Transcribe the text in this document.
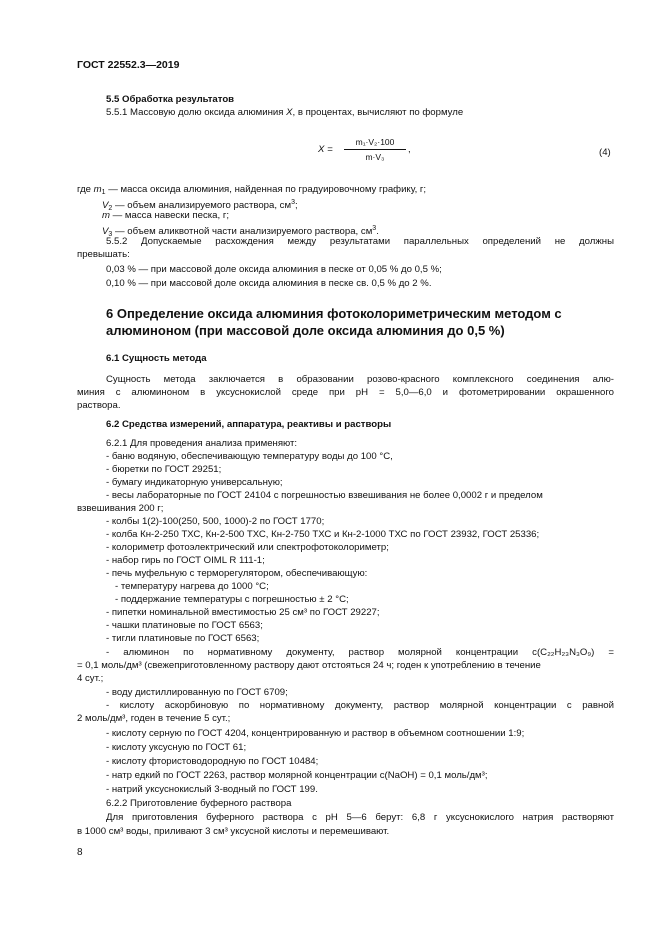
ГОСТ 22552.3—2019
5.5 Обработка результатов
5.5.1 Массовую долю оксида алюминия X, в процентах, вычисляют по формуле
X =
m₁·V₂·100
m·V₃
,	(4)
где $m_1$ — масса оксида алюминия, найденная по градуировочному графику, г;
$V_2$ — объем анализируемого раствора, $см^3$;
m — масса навески песка, г;
$V_3$ — объем аликвотной части анализируемого раствора, $см^3$.
5.5.2 Допускаемые расхождения между результатами параллельных определений не должны
превышать:
0,03 % — при массовой доле оксида алюминия в песке от 0,05 % до 0,5 %;
0,10 % — при массовой доле оксида алюминия в песке св. 0,5 % до 2 %.
6 Определение оксида алюминия фотоколориметрическим методом с
алюминоном (при массовой доле оксида алюминия до 0,5 %)
6.1 Сущность метода
Сущность метода заключается в образовании розово-красного комплексного соединения алю-
миния с алюминоном в уксуснокислой среде при рН = 5,0—6,0 и фотометрировании окрашенного
раствора.
6.2 Средства измерений, аппаратура, реактивы и растворы
6.2.1 Для проведения анализа применяют:
- баню водяную, обеспечивающую температуру воды до 100 °С,
- бюретки по ГОСТ 29251;
- бумагу индикаторную универсальную;
- весы лабораторные по ГОСТ 24104 с погрешностью взвешивания не более 0,0002 г и пределом
взвешивания 200 г;
- колбы 1(2)-100(250, 500, 1000)-2 по ГОСТ 1770;
- колба Кн-2-250 ТХС, Кн-2-500 ТХС, Кн-2-750 ТХС и Кн-2-1000 ТХС по ГОСТ 23932, ГОСТ 25336;
- колориметр фотоэлектрический или спектрофотоколориметр;
- набор гирь по ГОСТ OIML R 111-1;
- печь муфельную с терморегулятором, обеспечивающую:
- температуру нагрева до 1000 °С;
- поддержание температуры с погрешностью ± 2 °С;
- пипетки номинальной вместимостью 25 см³ по ГОСТ 29227;
- чашки платиновые по ГОСТ 6563;
- тигли платиновые по ГОСТ 6563;
- алюминон по нормативному документу, раствор молярной концентрации с(C₂₂H₂₃N₃O₉) =
= 0,1 моль/дм³ (свежеприготовленному раствору дают отстояться 24 ч; годен к употреблению в течение
4 сут.;
- воду дистиллированную по ГОСТ 6709;
- кислоту аскорбиновую по нормативному документу, раствор молярной концентрации с равной
2 моль/дм³, годен в течение 5 сут.;
- кислоту серную по ГОСТ 4204, концентрированную и раствор в объемном соотношении 1:9;
- кислоту уксусную по ГОСТ 61;
- кислоту фтористоводородную по ГОСТ 10484;
- натр едкий по ГОСТ 2263, раствор молярной концентрации с(NaOH) = 0,1 моль/дм³;
- натрий уксуснокислый 3-водный по ГОСТ 199.
6.2.2 Приготовление буферного раствора
Для приготовления буферного раствора с рН 5—6 берут: 6,8 г уксуснокислого натрия растворяют
в 1000 см³ воды, приливают 3 см³ уксусной кислоты и перемешивают.
8
